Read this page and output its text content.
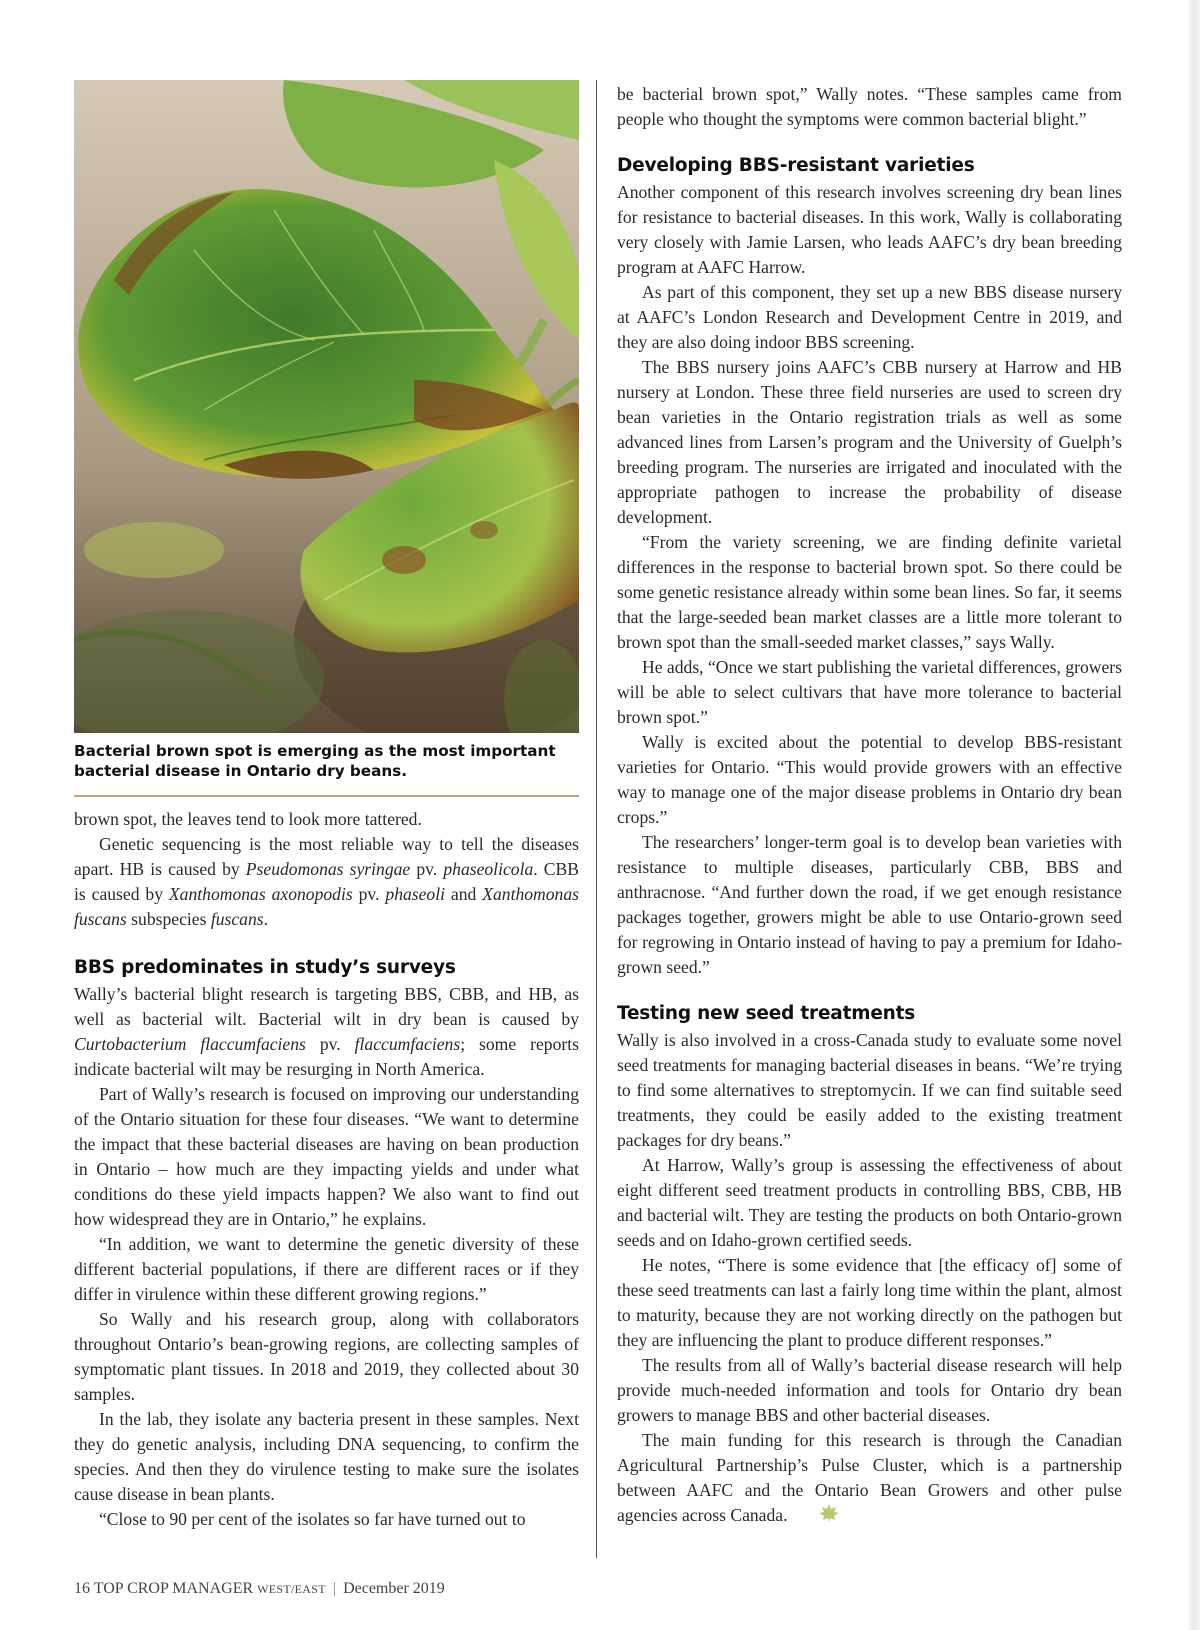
Bacterial brown spot is emerging as the most important bacterial disease in Ontario dry beans.

brown spot, the leaves tend to look more tattered.

Genetic sequencing is the most reliable way to tell the diseases apart. HB is caused by Pseudomonas syringae pv. phaseolicola. CBB is caused by Xanthomonas axonopodis pv. phaseoli and Xanthomonas fuscans subspecies fuscans.

BBS predominates in study’s surveys

Wally’s bacterial blight research is targeting BBS, CBB, and HB, as well as bacterial wilt. Bacterial wilt in dry bean is caused by Curtobacterium flaccumfaciens pv. flaccumfaciens; some reports indicate bacterial wilt may be resurging in North America.

Part of Wally’s research is focused on improving our understanding of the Ontario situation for these four diseases. “We want to determine the impact that these bacterial diseases are having on bean production in Ontario – how much are they impacting yields and under what conditions do these yield impacts happen? We also want to find out how widespread they are in Ontario,” he explains.

“In addition, we want to determine the genetic diversity of these different bacterial populations, if there are different races or if they differ in virulence within these different growing regions.”

So Wally and his research group, along with collaborators throughout Ontario’s bean-growing regions, are collecting samples of symptomatic plant tissues. In 2018 and 2019, they collected about 30 samples.

In the lab, they isolate any bacteria present in these samples. Next they do genetic analysis, including DNA sequencing, to confirm the species. And then they do virulence testing to make sure the isolates cause disease in bean plants.

“Close to 90 per cent of the isolates so far have turned out to

be bacterial brown spot,” Wally notes. “These samples came from people who thought the symptoms were common bacterial blight.”

Developing BBS-resistant varieties

Another component of this research involves screening dry bean lines for resistance to bacterial diseases. In this work, Wally is collaborating very closely with Jamie Larsen, who leads AAFC’s dry bean breeding program at AAFC Harrow.

As part of this component, they set up a new BBS disease nursery at AAFC’s London Research and Development Centre in 2019, and they are also doing indoor BBS screening.

The BBS nursery joins AAFC’s CBB nursery at Harrow and HB nursery at London. These three field nurseries are used to screen dry bean varieties in the Ontario registration trials as well as some advanced lines from Larsen’s program and the University of Guelph’s breeding program. The nurseries are irrigated and inoculated with the appropriate pathogen to increase the probability of disease development.

“From the variety screening, we are finding definite varietal differences in the response to bacterial brown spot. So there could be some genetic resistance already within some bean lines. So far, it seems that the large-seeded bean market classes are a little more tolerant to brown spot than the small-seeded market classes,” says Wally.

He adds, “Once we start publishing the varietal differences, growers will be able to select cultivars that have more tolerance to bacterial brown spot.”

Wally is excited about the potential to develop BBS-resistant varieties for Ontario. “This would provide growers with an effective way to manage one of the major disease problems in Ontario dry bean crops.”

The researchers’ longer-term goal is to develop bean varieties with resistance to multiple diseases, particularly CBB, BBS and anthracnose. “And further down the road, if we get enough resistance packages together, growers might be able to use Ontario-grown seed for regrowing in Ontario instead of having to pay a premium for Idaho-grown seed.”

Testing new seed treatments

Wally is also involved in a cross-Canada study to evaluate some novel seed treatments for managing bacterial diseases in beans. “We’re trying to find some alternatives to streptomycin. If we can find suitable seed treatments, they could be easily added to the existing treatment packages for dry beans.”

At Harrow, Wally’s group is assessing the effectiveness of about eight different seed treatment products in controlling BBS, CBB, HB and bacterial wilt. They are testing the products on both Ontario-grown seeds and on Idaho-grown certified seeds.

He notes, “There is some evidence that [the efficacy of] some of these seed treatments can last a fairly long time within the plant, almost to maturity, because they are not working directly on the pathogen but they are influencing the plant to produce different responses.”

The results from all of Wally’s bacterial disease research will help provide much-needed information and tools for Ontario dry bean growers to manage BBS and other bacterial diseases.

The main funding for this research is through the Canadian Agricultural Partnership’s Pulse Cluster, which is a partnership between AAFC and the Ontario Bean Growers and other pulse agencies across Canada.

16 TOP CROP MANAGER WEST/EAST | December 2019
